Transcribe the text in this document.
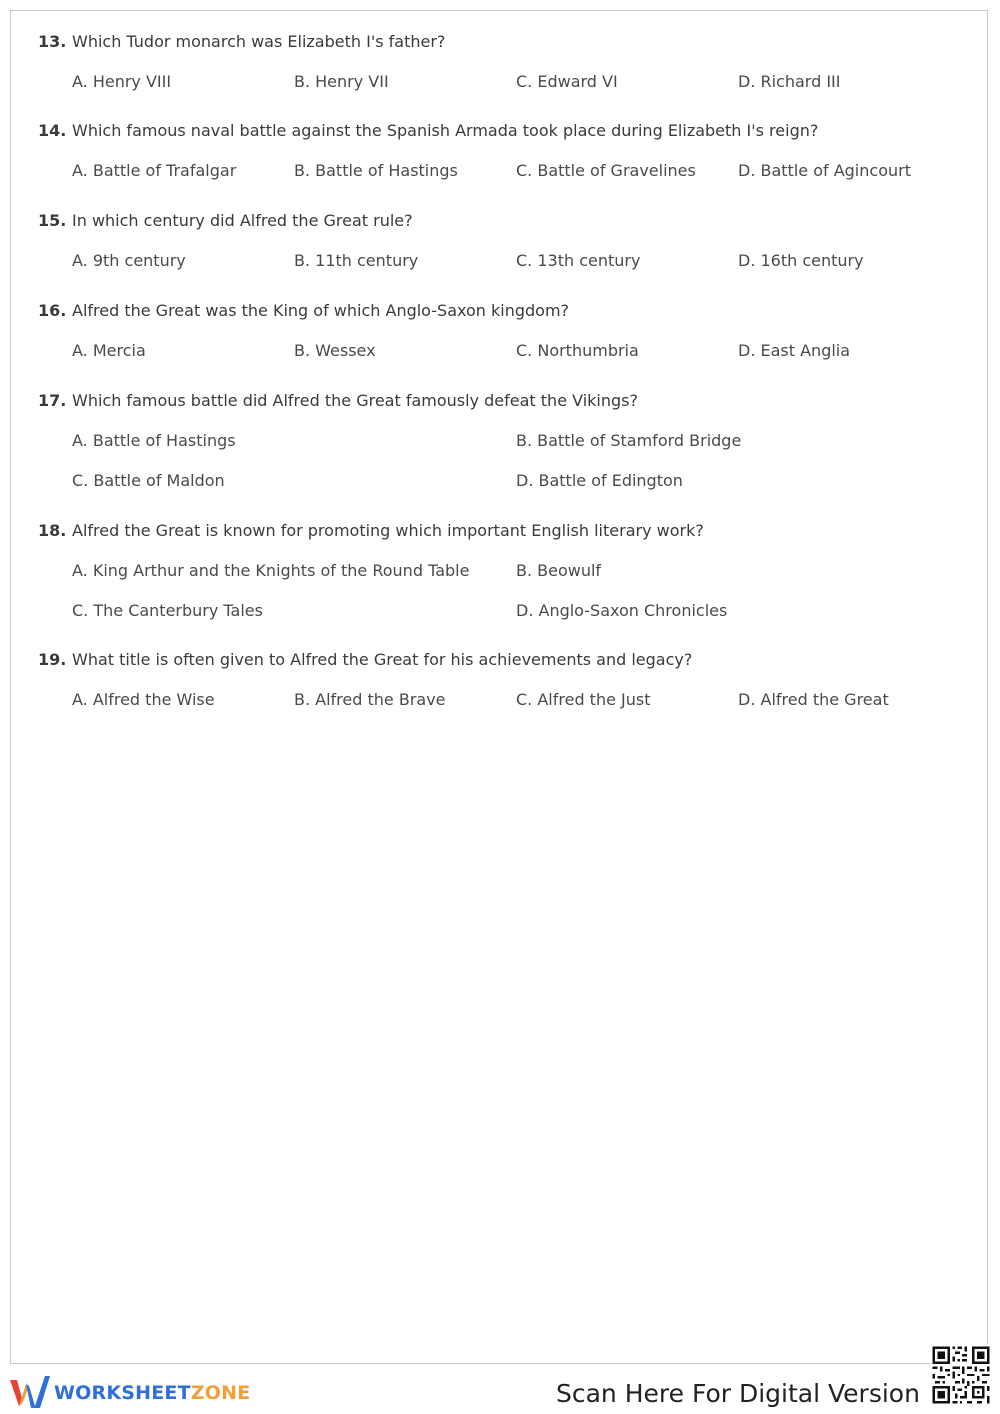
13. Which Tudor monarch was Elizabeth I's father?
A. Henry VIII	B. Henry VII	C. Edward VI	D. Richard III
14. Which famous naval battle against the Spanish Armada took place during Elizabeth I's reign?
A. Battle of Trafalgar	B. Battle of Hastings	C. Battle of Gravelines	D. Battle of Agincourt
15. In which century did Alfred the Great rule?
A. 9th century	B. 11th century	C. 13th century	D. 16th century
16. Alfred the Great was the King of which Anglo-Saxon kingdom?
A. Mercia	B. Wessex	C. Northumbria	D. East Anglia
17. Which famous battle did Alfred the Great famously defeat the Vikings?
A. Battle of Hastings	B. Battle of Stamford Bridge
C. Battle of Maldon	D. Battle of Edington
18. Alfred the Great is known for promoting which important English literary work?
A. King Arthur and the Knights of the Round Table	B. Beowulf
C. The Canterbury Tales	D. Anglo-Saxon Chronicles
19. What title is often given to Alfred the Great for his achievements and legacy?
A. Alfred the Wise	B. Alfred the Brave	C. Alfred the Just	D. Alfred the Great
WORKSHEETZONE	Scan Here For Digital Version
